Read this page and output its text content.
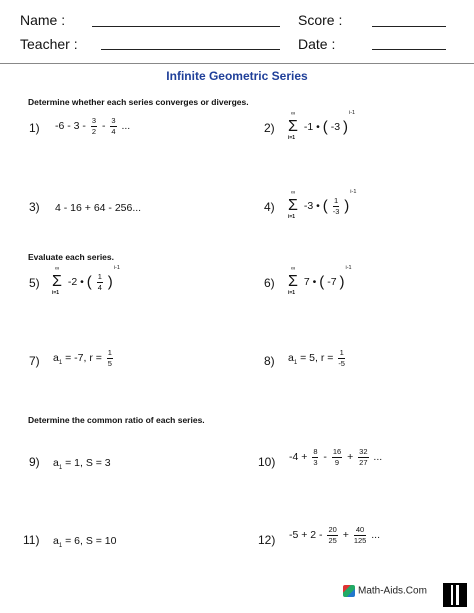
Name :	Score :
Teacher :	Date :
Infinite Geometric Series
Determine whether each series converges or diverges.
1) $-6 - 3 - \frac{3}{2} - \frac{3}{4}$ ...	2)
∞
Σ
i=1
-1 • ( -3 )$^{i-1}$
3) 4 - 16 + 64 - 256...	4)
∞
Σ
i=1
-3 • ( $\frac{1}{-3} )^{i-1}$
Evaluate each series.
5)
∞
Σ
i=1
-2 • ( $\frac{1}{4} )^{i-1}$
6)
∞
Σ
i=1
7 • ( -7 )$^{i-1}$
7) $a_1 = -7$, $r = \frac{1}{5}$	8) $a_1 = 5$, $r = \frac{1}{-5}$
Determine the common ratio of each series.
9) $a_1 = 1$, S = 3	10) $-4 + \frac{8}{3} - \frac{16}{9} + \frac{32}{27}$ ...
11) $a_1 = 6$, S = 10	12) $-5 + 2 - \frac{20}{25} + \frac{40}{125}$ ...
Math-Aids.Com
